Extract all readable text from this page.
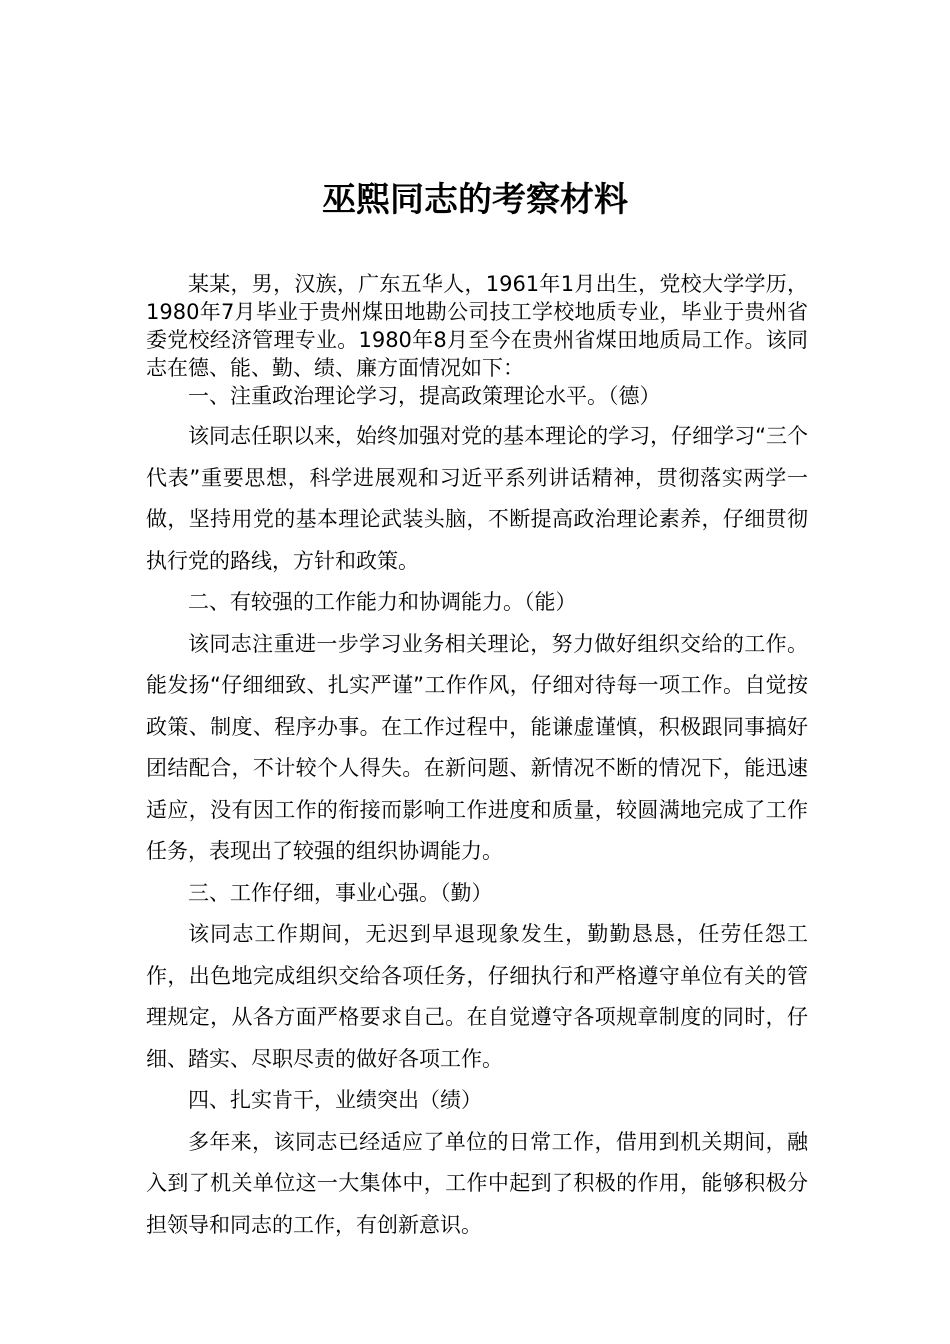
巫熙同志的考察材料

某某，男，汉族，广东五华人，1961年1月出生，党校大学学历，1980年7月毕业于贵州煤田地勘公司技工学校地质专业，毕业于贵州省委党校经济管理专业。1980年8月至今在贵州省煤田地质局工作。该同志在德、能、勤、绩、廉方面情况如下：

一、注重政治理论学习，提高政策理论水平。（德）

该同志任职以来，始终加强对党的基本理论的学习，仔细学习“三个代表”重要思想，科学进展观和习近平系列讲话精神，贯彻落实两学一做，坚持用党的基本理论武装头脑，不断提高政治理论素养，仔细贯彻执行党的路线，方针和政策。

二、有较强的工作能力和协调能力。（能）

该同志注重进一步学习业务相关理论，努力做好组织交给的工作。能发扬“仔细细致、扎实严谨”工作作风，仔细对待每一项工作。自觉按政策、制度、程序办事。在工作过程中，能谦虚谨慎，积极跟同事搞好团结配合，不计较个人得失。在新问题、新情况不断的情况下，能迅速适应，没有因工作的衔接而影响工作进度和质量，较圆满地完成了工作任务，表现出了较强的组织协调能力。

三、工作仔细，事业心强。（勤）

该同志工作期间，无迟到早退现象发生，勤勤恳恳，任劳任怨工作，出色地完成组织交给各项任务，仔细执行和严格遵守单位有关的管理规定，从各方面严格要求自己。在自觉遵守各项规章制度的同时，仔细、踏实、尽职尽责的做好各项工作。

四、扎实肯干，业绩突出（绩）

多年来，该同志已经适应了单位的日常工作，借用到机关期间，融入到了机关单位这一大集体中，工作中起到了积极的作用，能够积极分担领导和同志的工作，有创新意识。
